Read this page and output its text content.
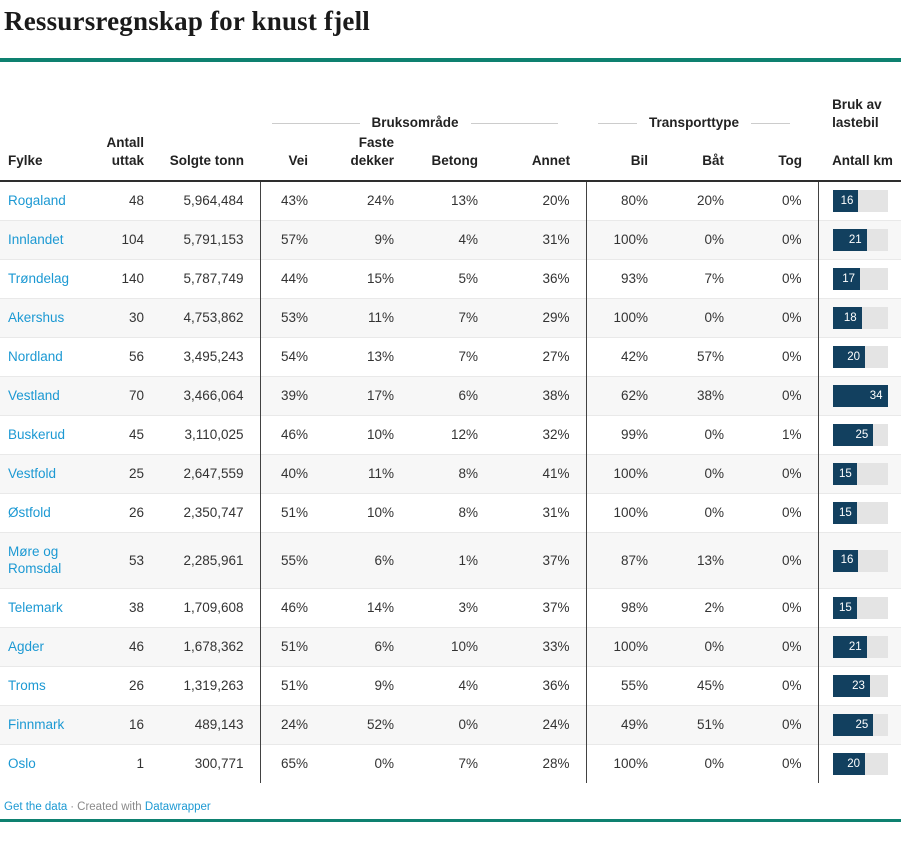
Ressursregnskap for knust fjell

			Bruksområde				Transporttype			Bruk av lastebil
Fylke	Antall uttak	Solgte tonn	Vei	Faste dekker	Betong	Annet	Bil	Båt	Tog	Antall km
Rogaland	48	5,964,484	43%	24%	13%	20%	80%	20%	0%	16

Innlandet	104	5,791,153	57%	9%	4%	31%	100%	0%	0%	21

Trøndelag	140	5,787,749	44%	15%	5%	36%	93%	7%	0%	17

Akershus	30	4,753,862	53%	11%	7%	29%	100%	0%	0%	18

Nordland	56	3,495,243	54%	13%	7%	27%	42%	57%	0%	20

Vestland	70	3,466,064	39%	17%	6%	38%	62%	38%	0%	34

Buskerud	45	3,110,025	46%	10%	12%	32%	99%	0%	1%	25

Vestfold	25	2,647,559	40%	11%	8%	41%	100%	0%	0%	15

Østfold	26	2,350,747	51%	10%	8%	31%	100%	0%	0%	15

Møre og Romsdal	53	2,285,961	55%	6%	1%	37%	87%	13%	0%	16

Telemark	38	1,709,608	46%	14%	3%	37%	98%	2%	0%	15

Agder	46	1,678,362	51%	6%	10%	33%	100%	0%	0%	21

Troms	26	1,319,263	51%	9%	4%	36%	55%	45%	0%	23

Finnmark	16	489,143	24%	52%	0%	24%	49%	51%	0%	25

Oslo	1	300,771	65%	0%	7%	28%	100%	0%	0%	20
Get the data · Created with Datawrapper
